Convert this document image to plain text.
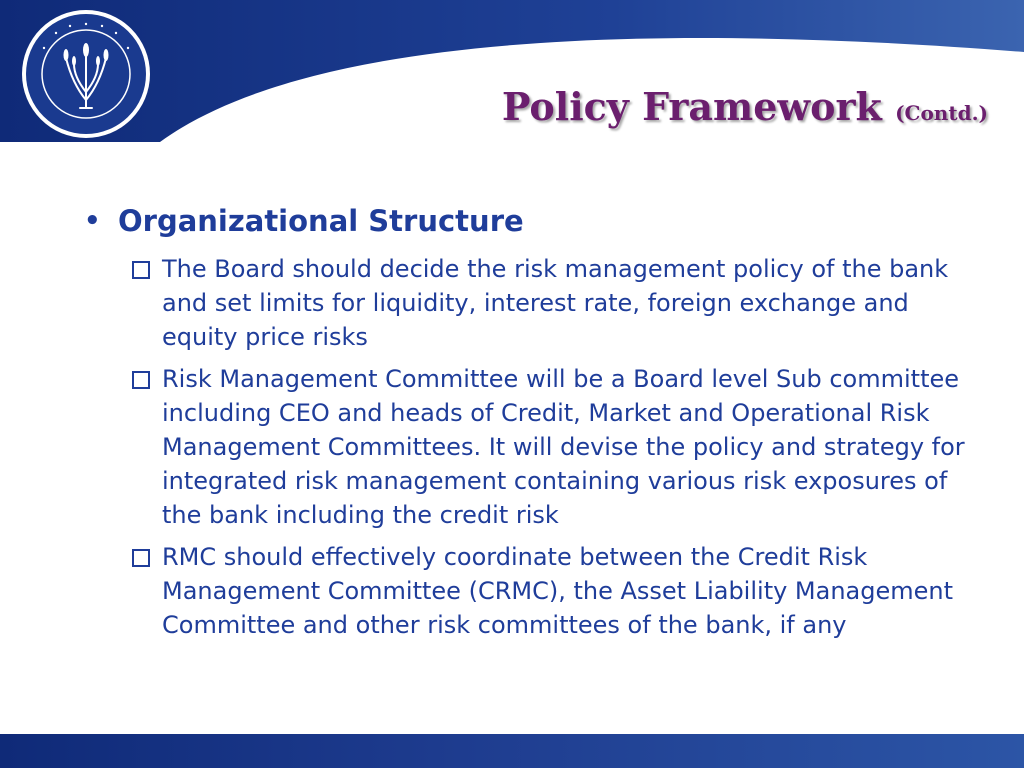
Policy Framework (Contd.)
• Organizational Structure
The Board should decide the risk management policy of the bank and set limits for liquidity, interest rate, foreign exchange and equity price risks
Risk Management Committee will be a Board level Sub committee including CEO and heads of Credit, Market and Operational Risk Management Committees. It will devise the policy and strategy for integrated risk management containing various risk exposures of the bank including the credit risk
RMC should effectively coordinate between the Credit Risk Management Committee (CRMC), the Asset Liability Management Committee and other risk committees of the bank, if any
